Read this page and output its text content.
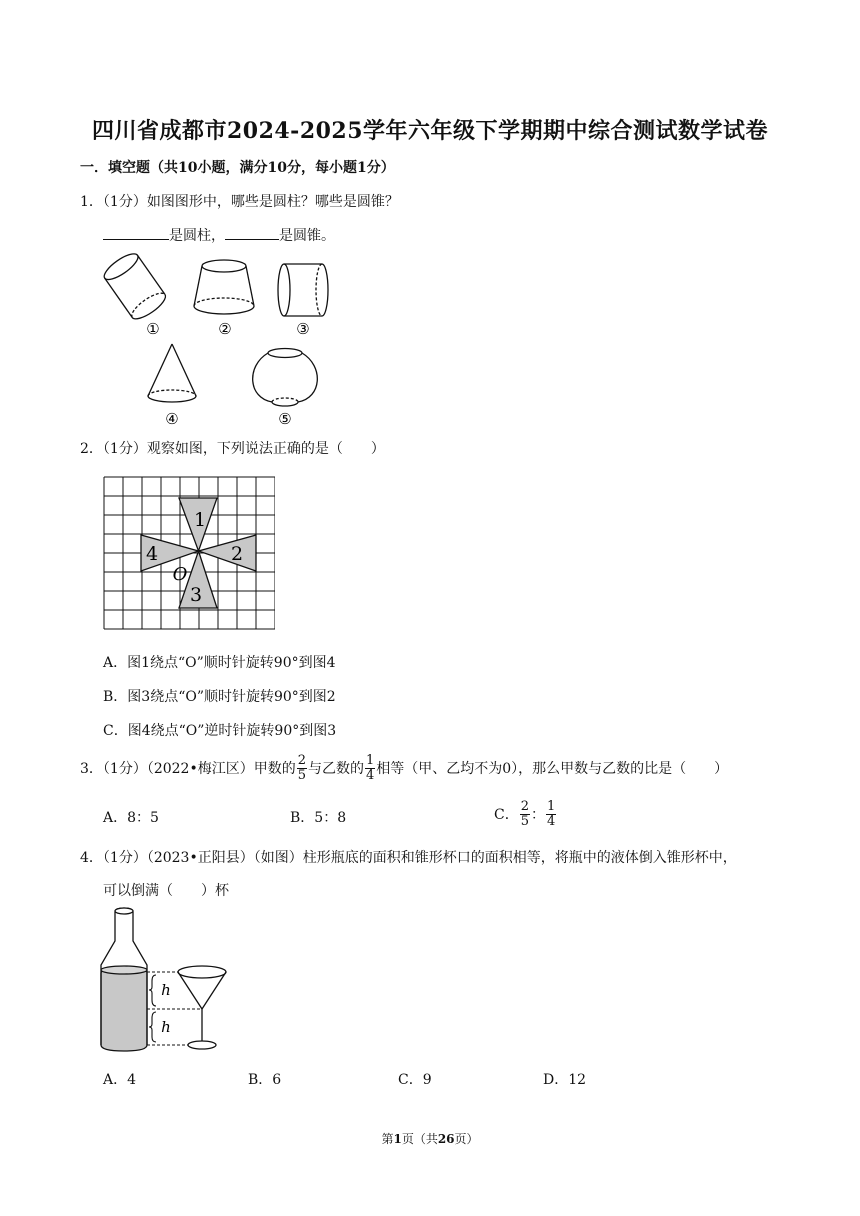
四川省成都市2024-2025学年六年级下学期期中综合测试数学试卷
一．填空题（共10小题，满分10分，每小题1分）
1．（1分）如图图形中，哪些是圆柱？哪些是圆锥？
是圆柱，	是圆锥。
①	②	③
④	⑤
2．（1分）观察如图，下列说法正确的是（　　）
1
2
3
4
O
A．图1绕点“O”顺时针旋转90°到图4
B．图3绕点“O”顺时针旋转90°到图2
C．图4绕点“O”逆时针旋转90°到图3
3．（1分）（2022•梅江区）甲数的 $\frac{2}{5}$ 与乙数的 $\frac{1}{4}$ 相等（甲、乙均不为0），那么甲数与乙数的比是（　　）
A．8：5	B．5：8	C． $\frac{2}{5}$ ： $\frac{1}{4}$
4．（1分）（2023•正阳县）（如图）柱形瓶底的面积和锥形杯口的面积相等，将瓶中的液体倒入锥形杯中，
可以倒满（　　）杯
h
h
A．4	B．6	C．9	D．12
第1页（共26页）
